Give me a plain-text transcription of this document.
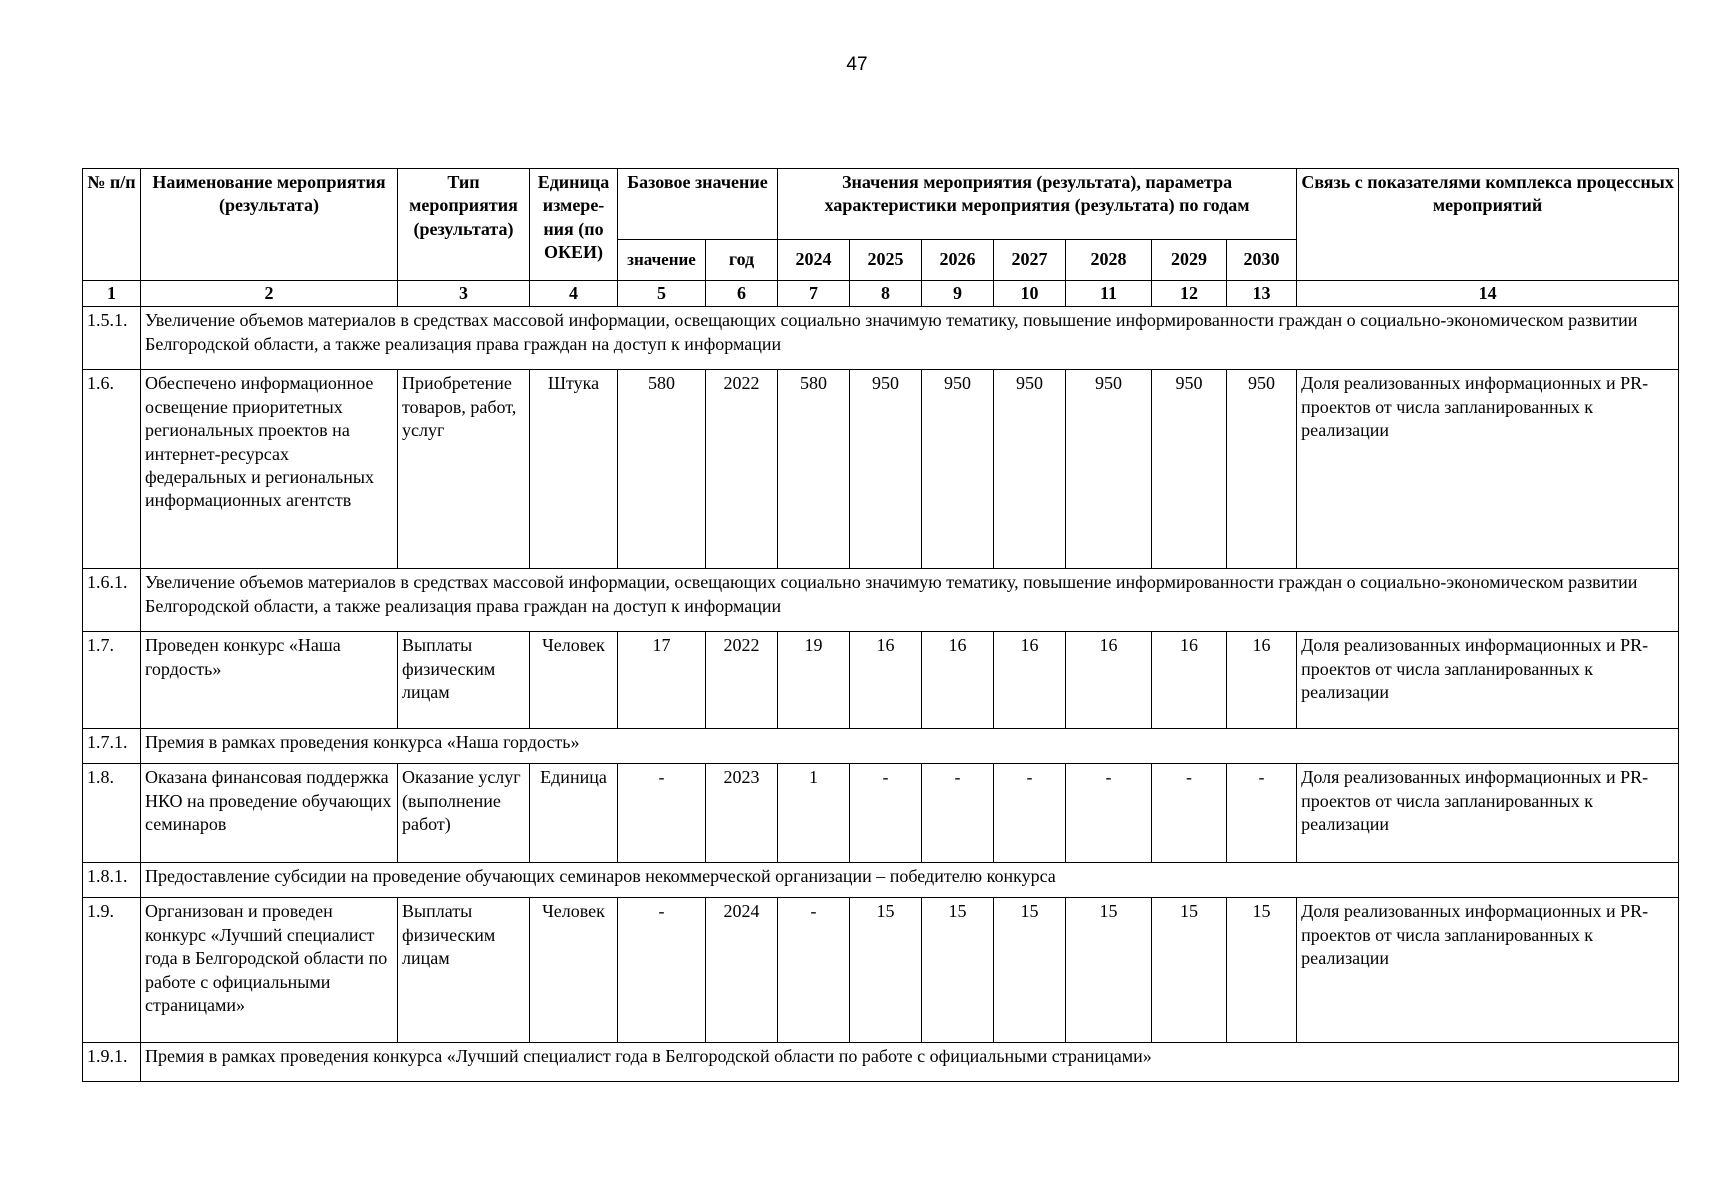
47
№ п/п	Наименование мероприятия (результата)	Тип мероприятия (результата)	Единица измере-ния (по ОКЕИ)	Базовое значение		Значения мероприятия (результата), параметра характеристики мероприятия (результата) по годам							Связь с показателями комплекса процессных мероприятий
				значение	год	2024	2025	2026	2027	2028	2029	2030	
1	2	3	4	5	6	7	8	9	10	11	12	13	14
1.5.1.	Увеличение объемов материалов в средствах массовой информации, освещающих социально значимую тематику, повышение информированности граждан о социально-экономическом развитии Белгородской области, а также реализация права граждан на доступ к информации												
1.6.	Обеспечено информационное освещение приоритетных региональных проектов на интернет-ресурсах федеральных и региональных информационных агентств	Приобретение товаров, работ, услуг	Штука	580	2022	580	950	950	950	950	950	950	Доля реализованных информационных и PR-проектов от числа запланированных к реализации
1.6.1.	Увеличение объемов материалов в средствах массовой информации, освещающих социально значимую тематику, повышение информированности граждан о социально-экономическом развитии Белгородской области, а также реализация права граждан на доступ к информации												
1.7.	Проведен конкурс «Наша гордость»	Выплаты физическим лицам	Человек	17	2022	19	16	16	16	16	16	16	Доля реализованных информационных и PR-проектов от числа запланированных к реализации
1.7.1.	Премия в рамках проведения конкурса «Наша гордость»												
1.8.	Оказана финансовая поддержка НКО на проведение обучающих семинаров	Оказание услуг (выполнение работ)	Единица	-	2023	1	-	-	-	-	-	-	Доля реализованных информационных и PR-проектов от числа запланированных к реализации
1.8.1.	Предоставление субсидии на проведение обучающих семинаров некоммерческой организации – победителю конкурса												
1.9.	Организован и проведен конкурс «Лучший специалист года в Белгородской области по работе с официальными страницами»	Выплаты физическим лицам	Человек	-	2024	-	15	15	15	15	15	15	Доля реализованных информационных и PR-проектов от числа запланированных к реализации
1.9.1.	Премия в рамках проведения конкурса «Лучший специалист года в Белгородской области по работе с официальными страницами»												
